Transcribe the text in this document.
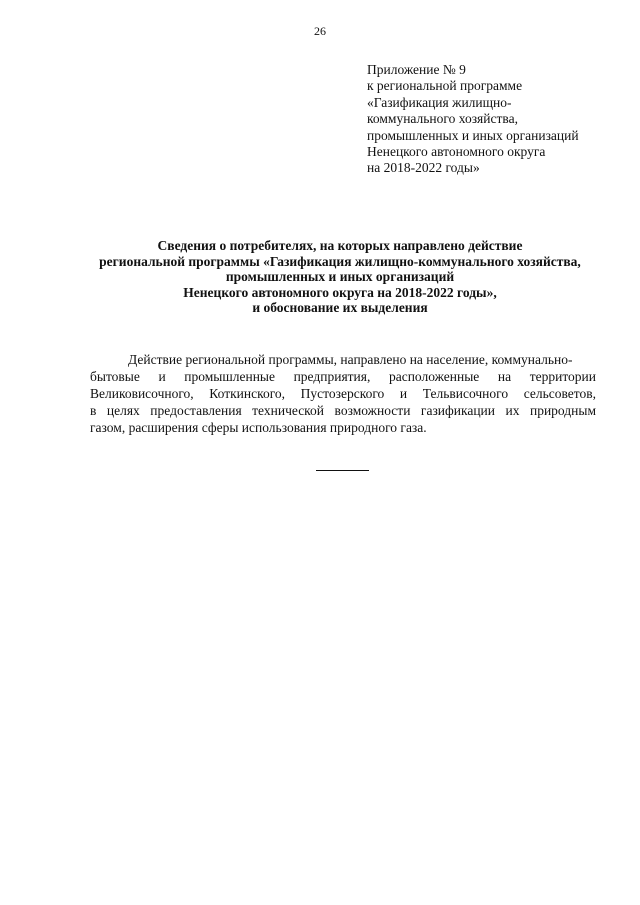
26
Приложение № 9
к региональной программе
«Газификация жилищно-
коммунального хозяйства,
промышленных и иных организаций
Ненецкого автономного округа
на 2018-2022 годы»
Сведения о потребителях, на которых направлено действие
региональной программы «Газификация жилищно-коммунального хозяйства,
промышленных и иных организаций
Ненецкого автономного округа на 2018-2022 годы»,
и обоснование их выделения
Действие региональной программы, направлено на население, коммунально-
бытовые и промышленные предприятия, расположенные на территории
Великовисочного, Коткинского, Пустозерского и Тельвисочного сельсоветов,
в целях предоставления технической возможности газификации их природным
газом, расширения сферы использования природного газа.
